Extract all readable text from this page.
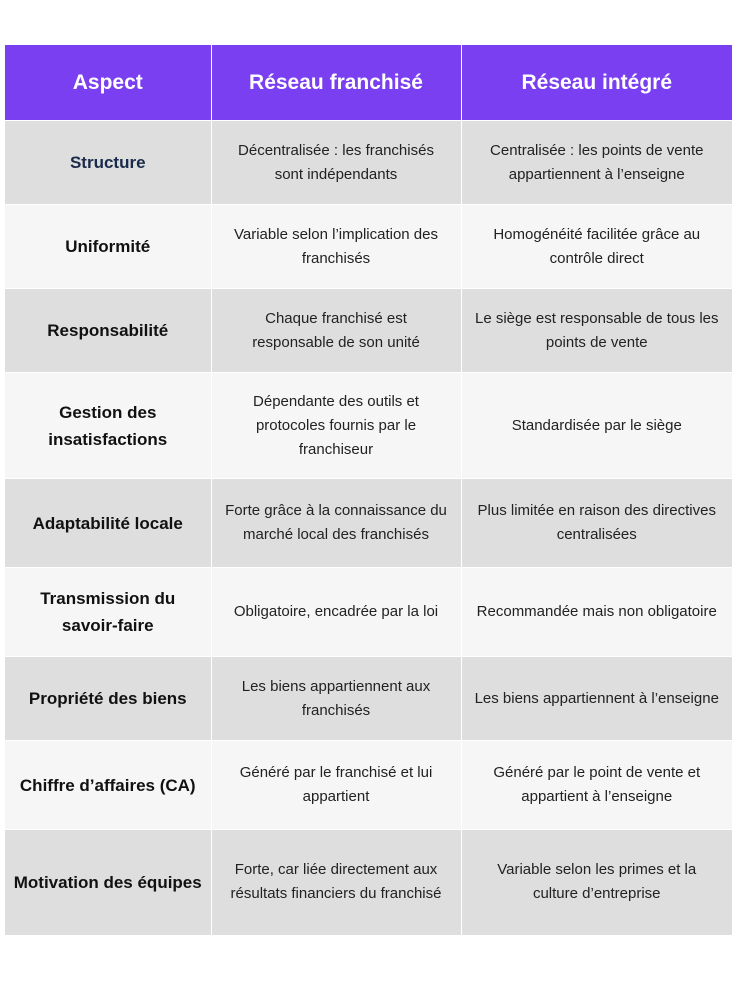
Aspect	Réseau franchisé	Réseau intégré
Structure	Décentralisée : les franchisés sont indépendants	Centralisée : les points de vente appartiennent à l’enseigne
Uniformité	Variable selon l’implication des franchisés	Homogénéité facilitée grâce au contrôle direct
Responsabilité	Chaque franchisé est responsable de son unité	Le siège est responsable de tous les points de vente
Gestion des insatisfactions	Dépendante des outils et protocoles fournis par le franchiseur	Standardisée par le siège
Adaptabilité locale	Forte grâce à la connaissance du marché local des franchisés	Plus limitée en raison des directives centralisées
Transmission du savoir-faire	Obligatoire, encadrée par la loi	Recommandée mais non obligatoire
Propriété des biens	Les biens appartiennent aux franchisés	Les biens appartiennent à l’enseigne
Chiffre d’affaires (CA)	Généré par le franchisé et lui appartient	Généré par le point de vente et appartient à l’enseigne
Motivation des équipes	Forte, car liée directement aux résultats financiers du franchisé	Variable selon les primes et la culture d’entreprise
